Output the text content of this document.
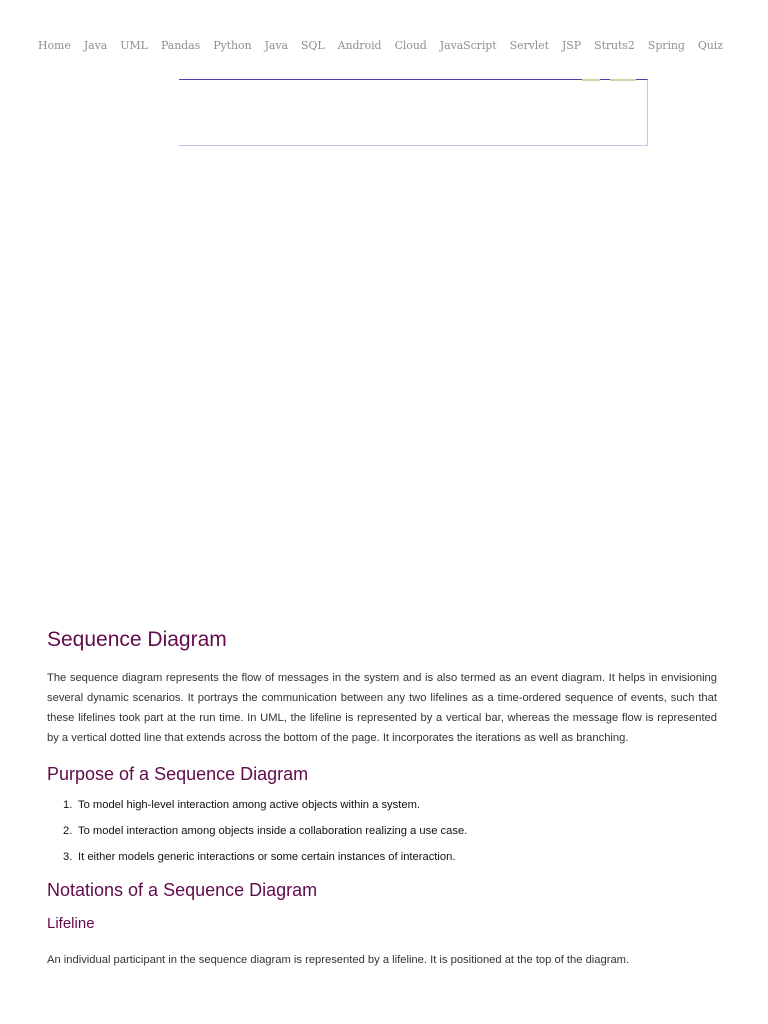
Home Java UML Pandas Python Java SQL Android Cloud JavaScript Servlet JSP Struts2 Spring Quiz
Sequence Diagram

The sequence diagram represents the flow of messages in the system and is also termed as an event diagram. It helps in envisioning several dynamic scenarios. It portrays the communication between any two lifelines as a time-ordered sequence of events, such that these lifelines took part at the run time. In UML, the lifeline is represented by a vertical bar, whereas the message flow is represented by a vertical dotted line that extends across the bottom of the page. It incorporates the iterations as well as branching.

Purpose of a Sequence Diagram
1. To model high-level interaction among active objects within a system.
2. To model interaction among objects inside a collaboration realizing a use case.
3. It either models generic interactions or some certain instances of interaction.
Notations of a Sequence Diagram
Lifeline

An individual participant in the sequence diagram is represented by a lifeline. It is positioned at the top of the diagram.
